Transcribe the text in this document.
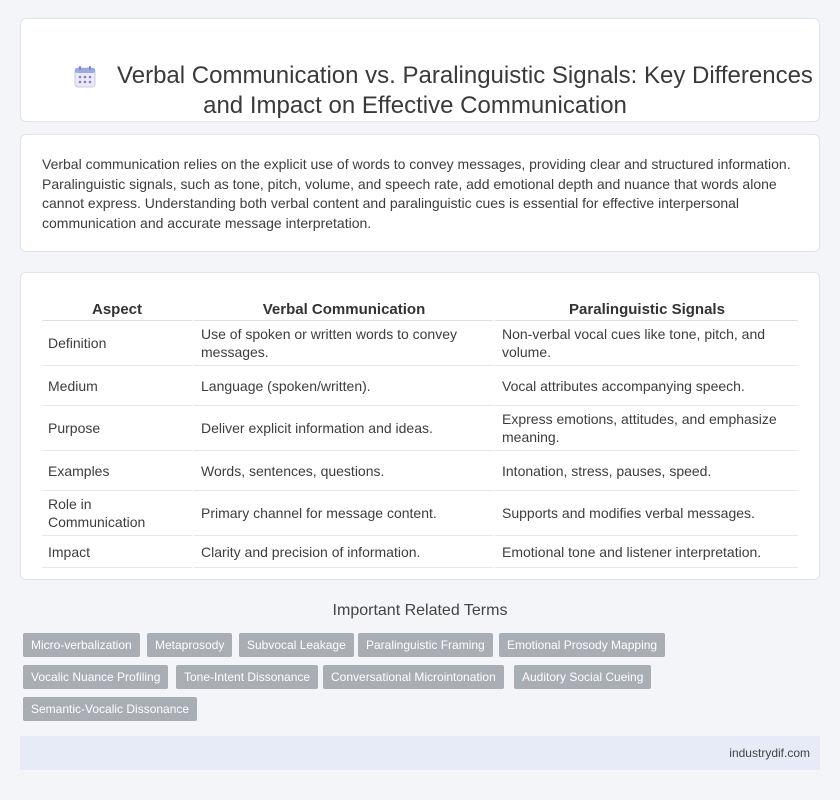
Verbal Communication vs. Paralinguistic Signals: Key Differences
and Impact on Effective Communication

Verbal communication relies on the explicit use of words to convey messages, providing clear and structured information. Paralinguistic signals, such as tone, pitch, volume, and speech rate, add emotional depth and nuance that words alone cannot express. Understanding both verbal content and paralinguistic cues is essential for effective interpersonal communication and accurate message interpretation.

Aspect	Verbal Communication	Paralinguistic Signals
Definition	Use of spoken or written words to convey messages.	Non-verbal vocal cues like tone, pitch, and volume.
Medium	Language (spoken/written).	Vocal attributes accompanying speech.
Purpose	Deliver explicit information and ideas.	Express emotions, attitudes, and emphasize meaning.
Examples	Words, sentences, questions.	Intonation, stress, pauses, speed.
Role in Communication	Primary channel for message content.	Supports and modifies verbal messages.
Impact	Clarity and precision of information.	Emotional tone and listener interpretation.
Important Related Terms
Micro-verbalization	Metaprosody	Subvocal Leakage	Paralinguistic Framing	Emotional Prosody Mapping
Vocalic Nuance Profiling	Tone-Intent Dissonance	Conversational Microintonation	Auditory Social Cueing
Semantic-Vocalic Dissonance
industrydif.com
